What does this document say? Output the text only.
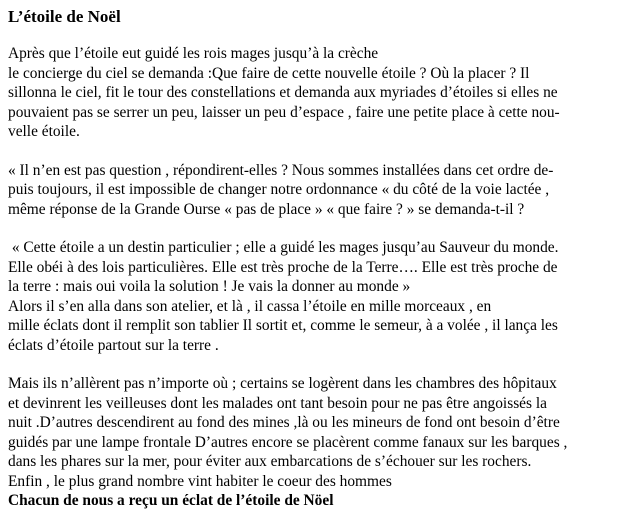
L’étoile de Noël
Après que l’étoile eut guidé les rois mages jusqu’à la crèche
le concierge du ciel se demanda :Que faire de cette nouvelle étoile ? Où la placer ? Il
sillonna le ciel, fit le tour des constellations et demanda aux myriades d’étoiles si elles ne
pouvaient pas se serrer un peu, laisser un peu d’espace , faire une petite place à cette nou-
velle étoile.
« Il n’en est pas question , répondirent-elles ? Nous sommes installées dans cet ordre de-
puis toujours, il est impossible de changer notre ordonnance « du côté de la voie lactée ,
même réponse de la Grande Ourse « pas de place » « que faire ? » se demanda-t-il ?
« Cette étoile a un destin particulier ; elle a guidé les mages jusqu’au Sauveur du monde.
Elle obéi à des lois particulières. Elle est très proche de la Terre…. Elle est très proche de
la terre : mais oui voila la solution ! Je vais la donner au monde »
Alors il s’en alla dans son atelier, et là , il cassa l’étoile en mille morceaux , en
mille éclats dont il remplit son tablier Il sortit et, comme le semeur, à a volée , il lança les
éclats d’étoile partout sur la terre .
Mais ils n’allèrent pas n’importe où ; certains se logèrent dans les chambres des hôpitaux
et devinrent les veilleuses dont les malades ont tant besoin pour ne pas être angoissés la
nuit .D’autres descendirent au fond des mines ,là ou les mineurs de fond ont besoin d’être
guidés par une lampe frontale D’autres encore se placèrent comme fanaux sur les barques ,
dans les phares sur la mer, pour éviter aux embarcations de s’échouer sur les rochers.
Enfin , le plus grand nombre vint habiter le coeur des hommes
Chacun de nous a reçu un éclat de l’étoile de Nöel
